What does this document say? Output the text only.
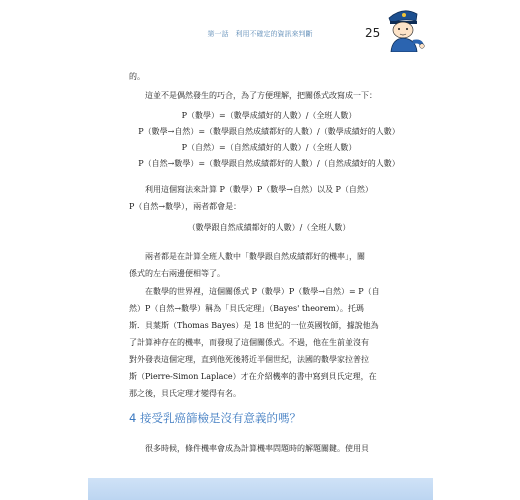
第一話　利用不確定的資訊來判斷	25
的。
這並不是偶然發生的巧合，為了方便理解，把關係式改寫成一下：
P（數學）=（數學成績好的人數）/（全班人數）
P（數學→自然）=（數學跟自然成績都好的人數）/（數學成績好的人數）
P（自然）=（自然成績好的人數）/（全班人數）
P（自然→數學）=（數學跟自然成績都好的人數）/（自然成績好的人數）
利用這個寫法來計算 P（數學）P（數學→自然）以及 P（自然）
P（自然→數學），兩者都會是：
（數學跟自然成績都好的人數）/（全班人數）
兩者都是在計算全班人數中「數學跟自然成績都好的機率」，關
係式的左右兩邊便相等了。
在數學的世界裡，這個關係式 P（數學）P（數學→自然）= P（自
然）P（自然→數學）稱為「貝氏定理」（Bayes' theorem）。托瑪
斯．貝葉斯（Thomas Bayes）是 18 世紀的一位英國牧師，據說他為
了計算神存在的機率，而發現了這個關係式。不過，他在生前並沒有
對外發表這個定理，直到他死後將近半個世紀，法國的數學家拉普拉
斯（Pierre-Simon Laplace）才在介紹機率的書中寫到貝氏定理，在
那之後，貝氏定理才變得有名。
4 接受乳癌篩檢是沒有意義的嗎？
很多時候，條件機率會成為計算機率問題時的解題關鍵。使用貝
